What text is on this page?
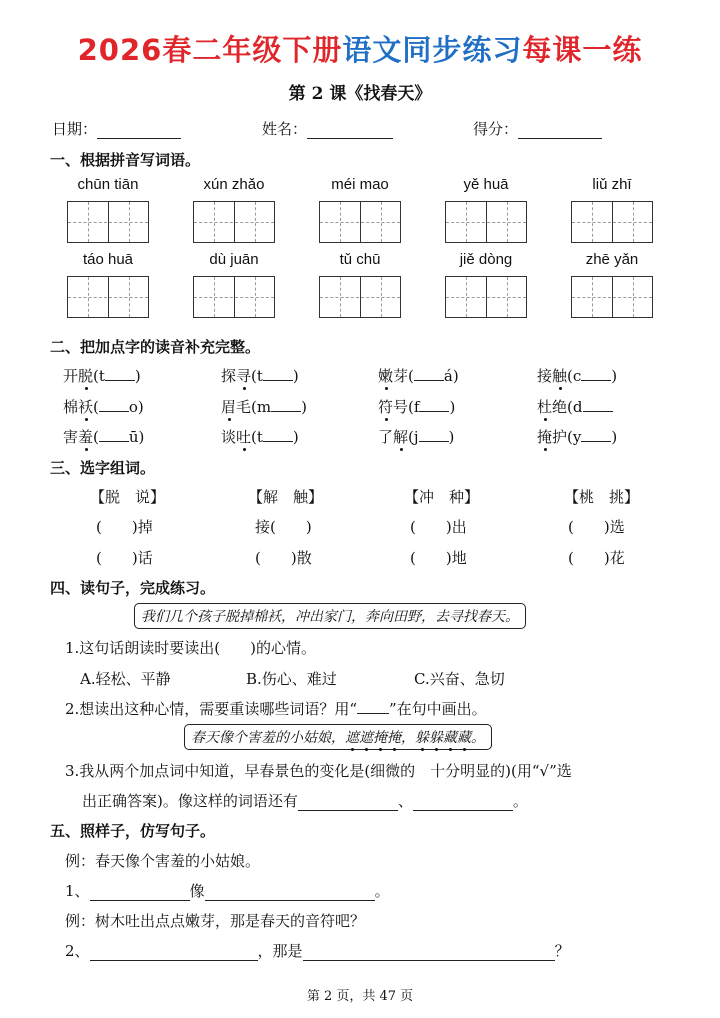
2026春二年级下册语文同步练习每课一练
第 2 课《找春天》
日期：	姓名：	得分：
一、根据拼音写词语。
chūn tiān	xún zhǎo	méi mao	yě huā	liǔ zhī
táo huā	dù juān	tǔ chū	jiě dòng	zhē yǎn
二、把加点字的读音补充完整。
开脱(t )	探寻(t )	嫩芽( á)	接触(c )
棉袄( o)	眉毛(m )	符号(f )	杜绝(d
害羞( ū)	谈吐(t )	了解(j )	掩护(y )
三、选字组词。
【脱　说】	【解　触】	【冲　种】	【桃　挑】
(　　)掉	接(　　)	(　　)出	(　　)选
(　　)话	(　　)散	(　　)地	(　　)花
四、读句子，完成练习。
我们几个孩子脱掉棉袄，冲出家门，奔向田野，去寻找春天。
1.这句话朗读时要读出(　　)的心情。
A.轻松、平静	B.伤心、难过	C.兴奋、急切
2.想读出这种心情，需要重读哪些词语？用“ ”在句中画出。
春天像个害羞的小姑娘，遮遮掩掩，躲躲藏藏。
3.我从两个加点词中知道，早春景色的变化是(细微的　十分明显的)(用“√”选
出正确答案)。像这样的词语还有	、	。
五、照样子，仿写句子。
例：春天像个害羞的小姑娘。
1、	像	。
例：树木吐出点点嫩芽，那是春天的音符吧？
2、	，那是	？
第 2 页，共 47 页
